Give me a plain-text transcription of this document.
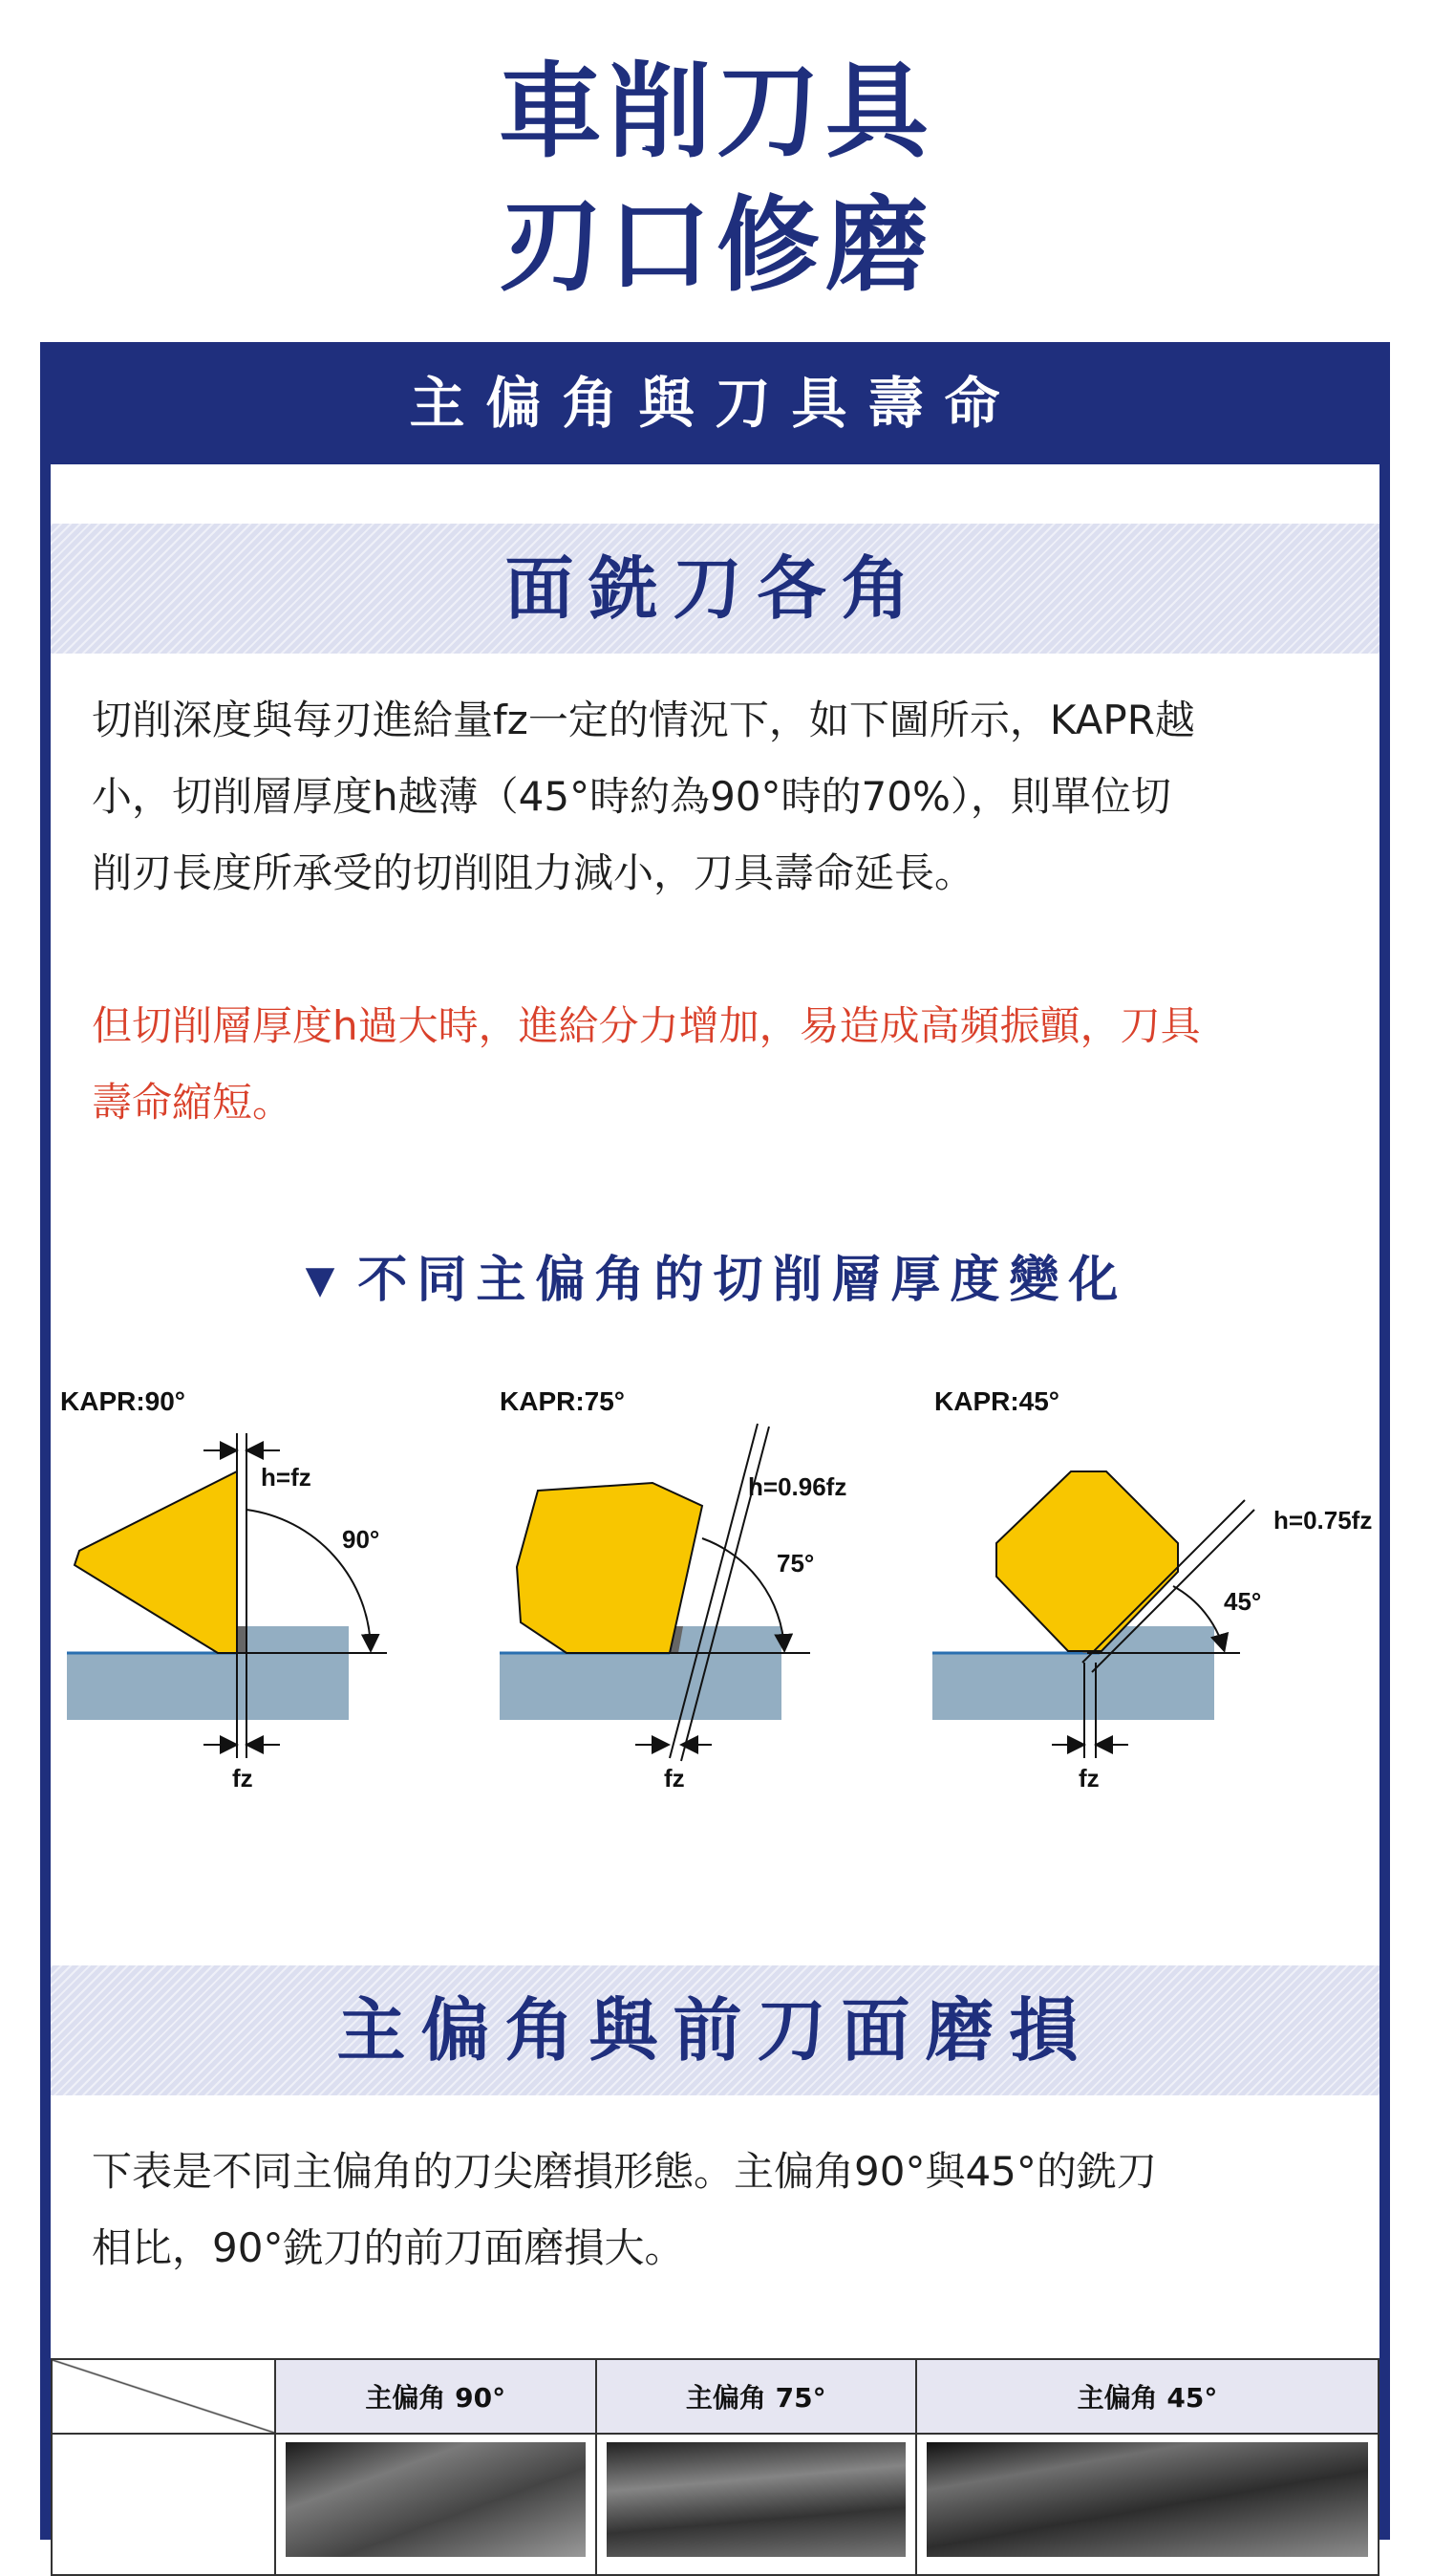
車削刀具
刃口修磨
主偏角與刀具壽命
面銑刀各角
切削深度與每刃進給量fz一定的情況下，如下圖所示，KAPR越
小，切削層厚度h越薄（45°時約為90°時的70%），則單位切
削刃長度所承受的切削阻力減小，刀具壽命延長。
但切削層厚度h過大時，進給分力增加，易造成高頻振顫，刀具
壽命縮短。
▼ 不同主偏角的切削層厚度變化
KAPR:90°
h=fz
90°
fz
KAPR:75°
h=0.96fz
75°
fz
KAPR:45°
h=0.75fz
45°
fz
主偏角與前刀面磨損
下表是不同主偏角的刀尖磨損形態。主偏角90°與45°的銑刀
相比，90°銑刀的前刀面磨損大。
	主偏角 90°	主偏角 75°	主偏角 45°
